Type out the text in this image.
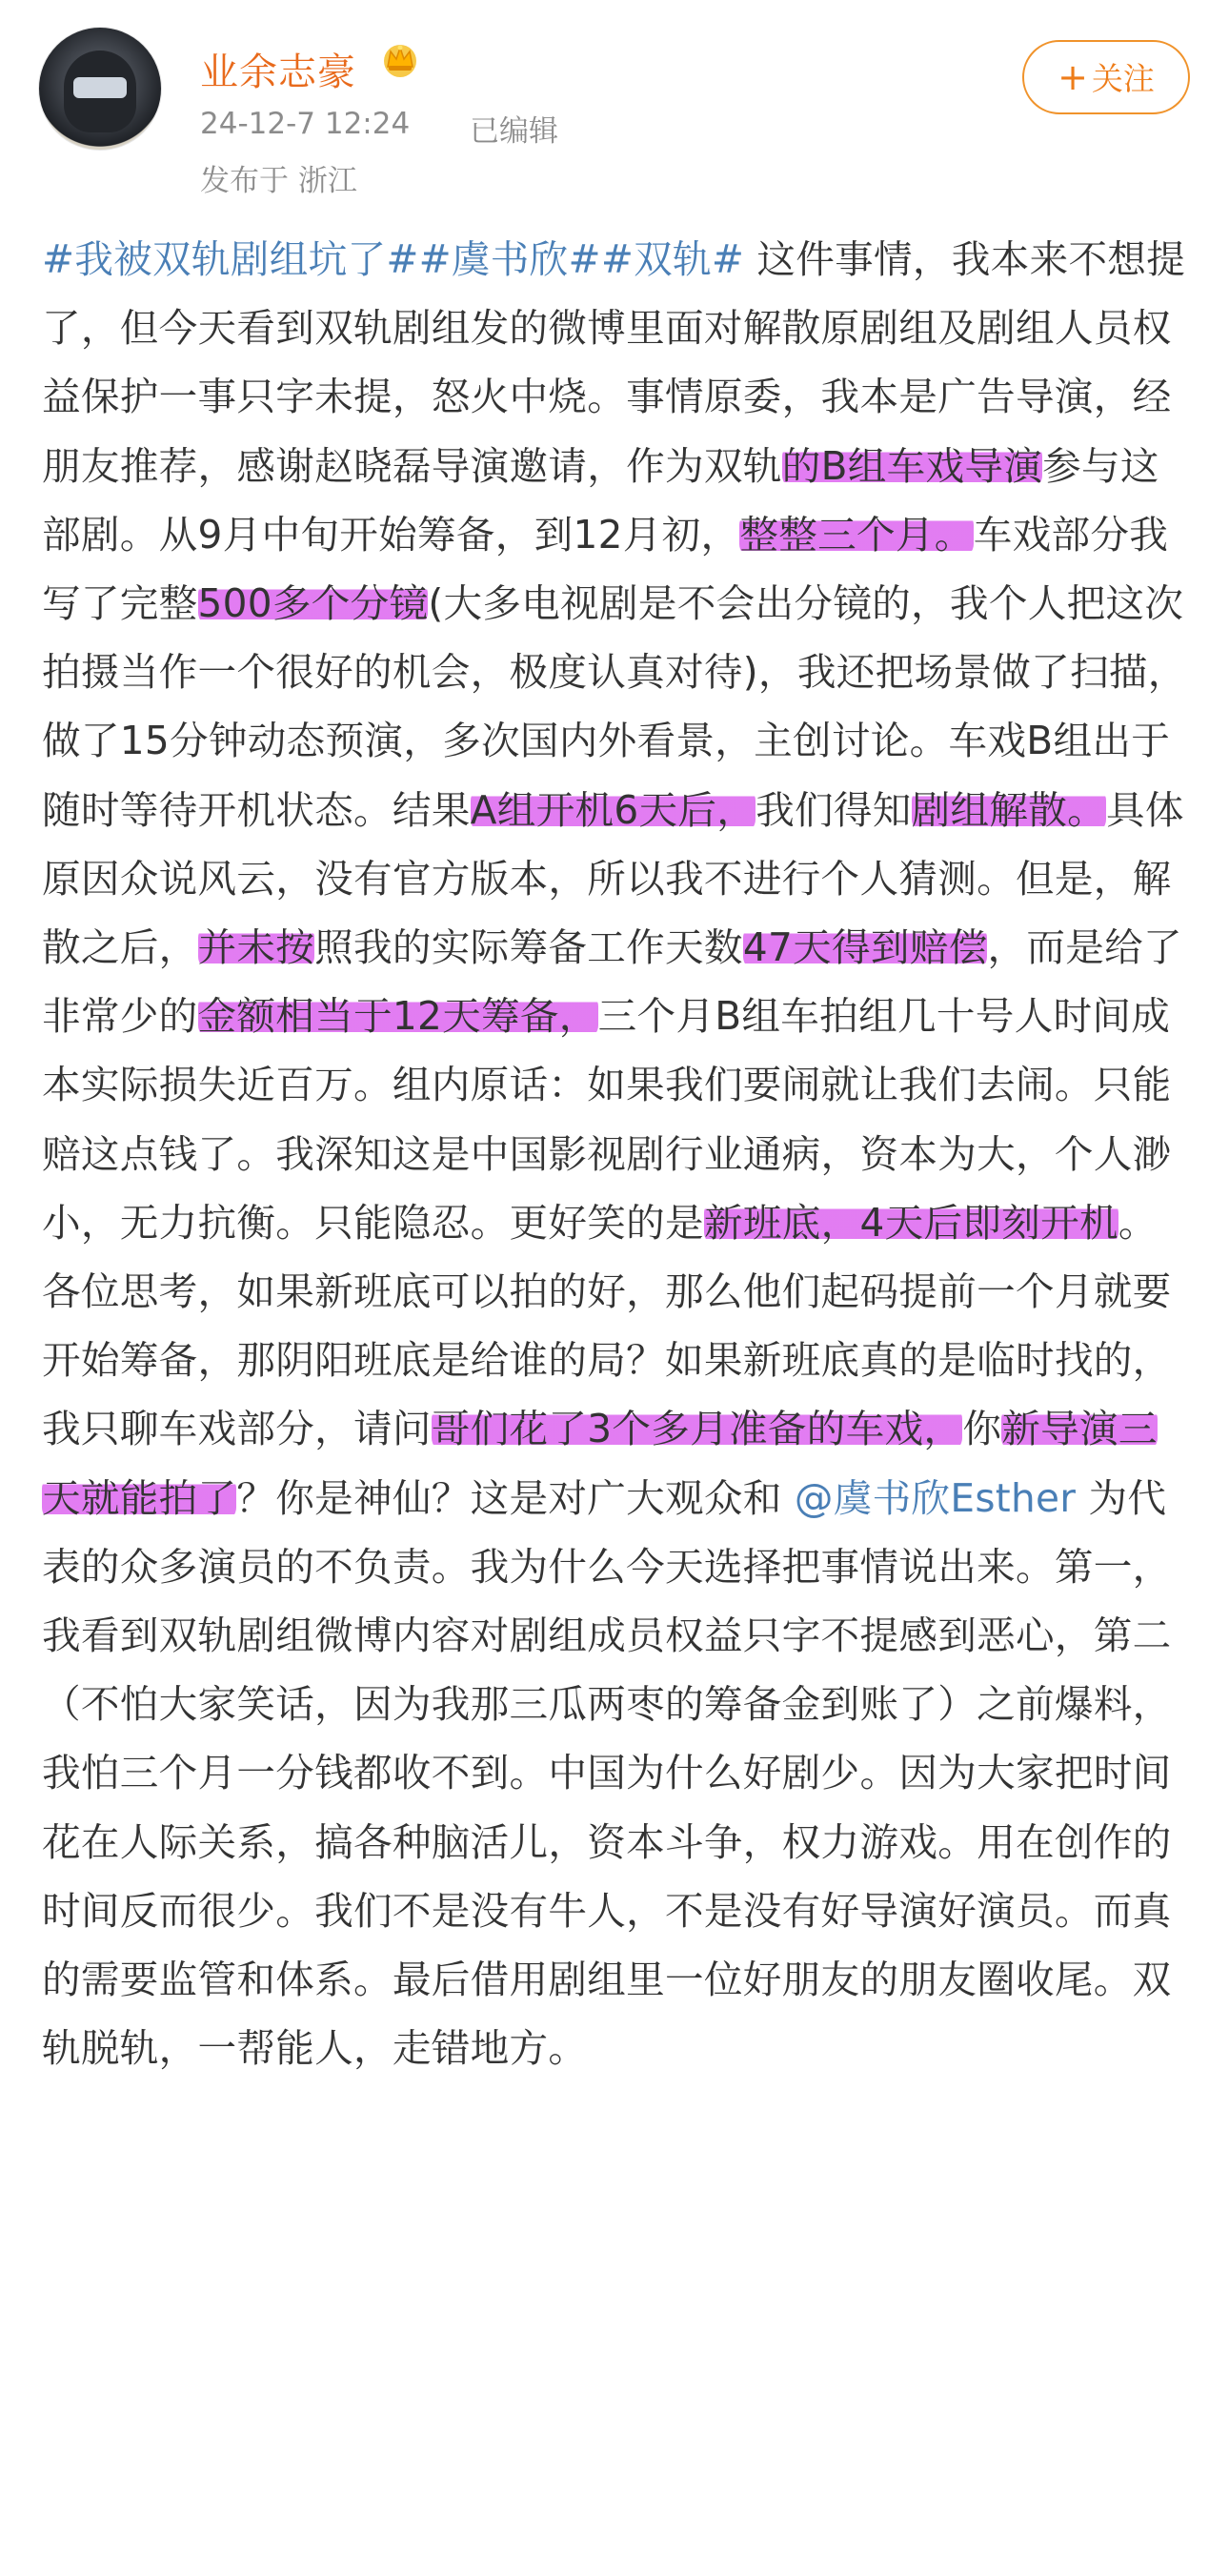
业余志豪
24-12-7 12:24 已编辑
发布于 浙江
+ 关注
#我被双轨剧组坑了##虞书欣##双轨# 这件事情，我本来不想提了，但今天看到双轨剧组发的微博里面对解散原剧组及剧组人员权益保护一事只字未提，怒火中烧。事情原委，我本是广告导演，经朋友推荐，感谢赵晓磊导演邀请，作为双轨的B组车戏导演参与这部剧。从9月中旬开始筹备，到12月初，整整三个月。车戏部分我写了完整500多个分镜(大多电视剧是不会出分镜的，我个人把这次拍摄当作一个很好的机会，极度认真对待)，我还把场景做了扫描，做了15分钟动态预演，多次国内外看景，主创讨论。车戏B组出于随时等待开机状态。结果A组开机6天后，我们得知剧组解散。具体原因众说风云，没有官方版本，所以我不进行个人猜测。但是，解散之后，并未按照我的实际筹备工作天数47天得到赔偿，而是给了非常少的金额相当于12天筹备，三个月B组车拍组几十号人时间成本实际损失近百万。组内原话：如果我们要闹就让我们去闹。只能赔这点钱了。我深知这是中国影视剧行业通病，资本为大，个人渺小，无力抗衡。只能隐忍。更好笑的是新班底，4天后即刻开机。各位思考，如果新班底可以拍的好，那么他们起码提前一个月就要开始筹备，那阴阳班底是给谁的局？如果新班底真的是临时找的，我只聊车戏部分，请问哥们花了3个多月准备的车戏，你新导演三天就能拍了？你是神仙？这是对广大观众和 @虞书欣Esther 为代表的众多演员的不负责。我为什么今天选择把事情说出来。第一，我看到双轨剧组微博内容对剧组成员权益只字不提感到恶心，第二（不怕大家笑话，因为我那三瓜两枣的筹备金到账了）之前爆料，我怕三个月一分钱都收不到。中国为什么好剧少。因为大家把时间花在人际关系，搞各种脑活儿，资本斗争，权力游戏。用在创作的时间反而很少。我们不是没有牛人，不是没有好导演好演员。而真的需要监管和体系。最后借用剧组里一位好朋友的朋友圈收尾。双轨脱轨，一帮能人，走错地方。
